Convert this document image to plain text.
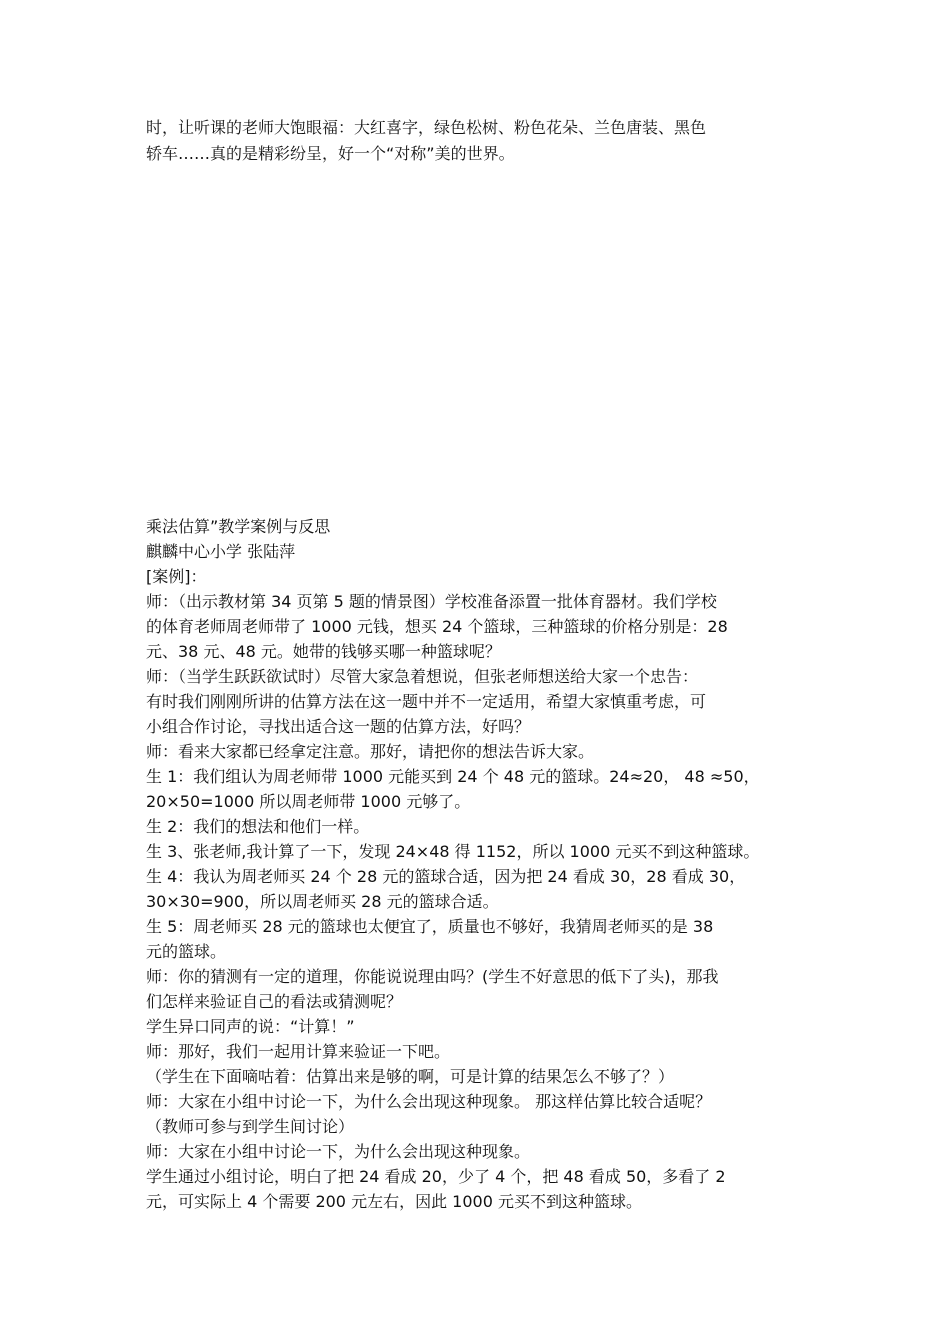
时，让听课的老师大饱眼福：大红喜字，绿色松树、粉色花朵、兰色唐装、黑色
轿车……真的是精彩纷呈，好一个“对称”美的世界。
乘法估算”教学案例与反思
麒麟中心小学 张陆萍
[案例]：
师：（出示教材第 34 页第 5 题的情景图）学校准备添置一批体育器材。我们学校
的体育老师周老师带了 1000 元钱，想买 24 个篮球，三种篮球的价格分别是：28
元、38 元、48 元。她带的钱够买哪一种篮球呢？
师：（当学生跃跃欲试时）尽管大家急着想说，但张老师想送给大家一个忠告：
有时我们刚刚所讲的估算方法在这一题中并不一定适用，希望大家慎重考虑，可
小组合作讨论，寻找出适合这一题的估算方法，好吗？
师：看来大家都已经拿定注意。那好，请把你的想法告诉大家。
生 1：我们组认为周老师带 1000 元能买到 24 个 48 元的篮球。24≈20， 48 ≈50，
20×50=1000 所以周老师带 1000 元够了。
生 2：我们的想法和他们一样。
生 3、张老师,我计算了一下，发现 24×48 得 1152，所以 1000 元买不到这种篮球。
生 4：我认为周老师买 24 个 28 元的篮球合适，因为把 24 看成 30，28 看成 30，
30×30=900，所以周老师买 28 元的篮球合适。
生 5：周老师买 28 元的篮球也太便宜了，质量也不够好，我猜周老师买的是 38
元的篮球。
师：你的猜测有一定的道理，你能说说理由吗？(学生不好意思的低下了头)，那我
们怎样来验证自己的看法或猜测呢？
学生异口同声的说：“计算！”
师：那好，我们一起用计算来验证一下吧。
（学生在下面嘀咕着：估算出来是够的啊，可是计算的结果怎么不够了？）
师：大家在小组中讨论一下，为什么会出现这种现象。 那这样估算比较合适呢？
（教师可参与到学生间讨论）
师：大家在小组中讨论一下，为什么会出现这种现象。
学生通过小组讨论，明白了把 24 看成 20，少了 4 个，把 48 看成 50，多看了 2
元，可实际上 4 个需要 200 元左右，因此 1000 元买不到这种篮球。
